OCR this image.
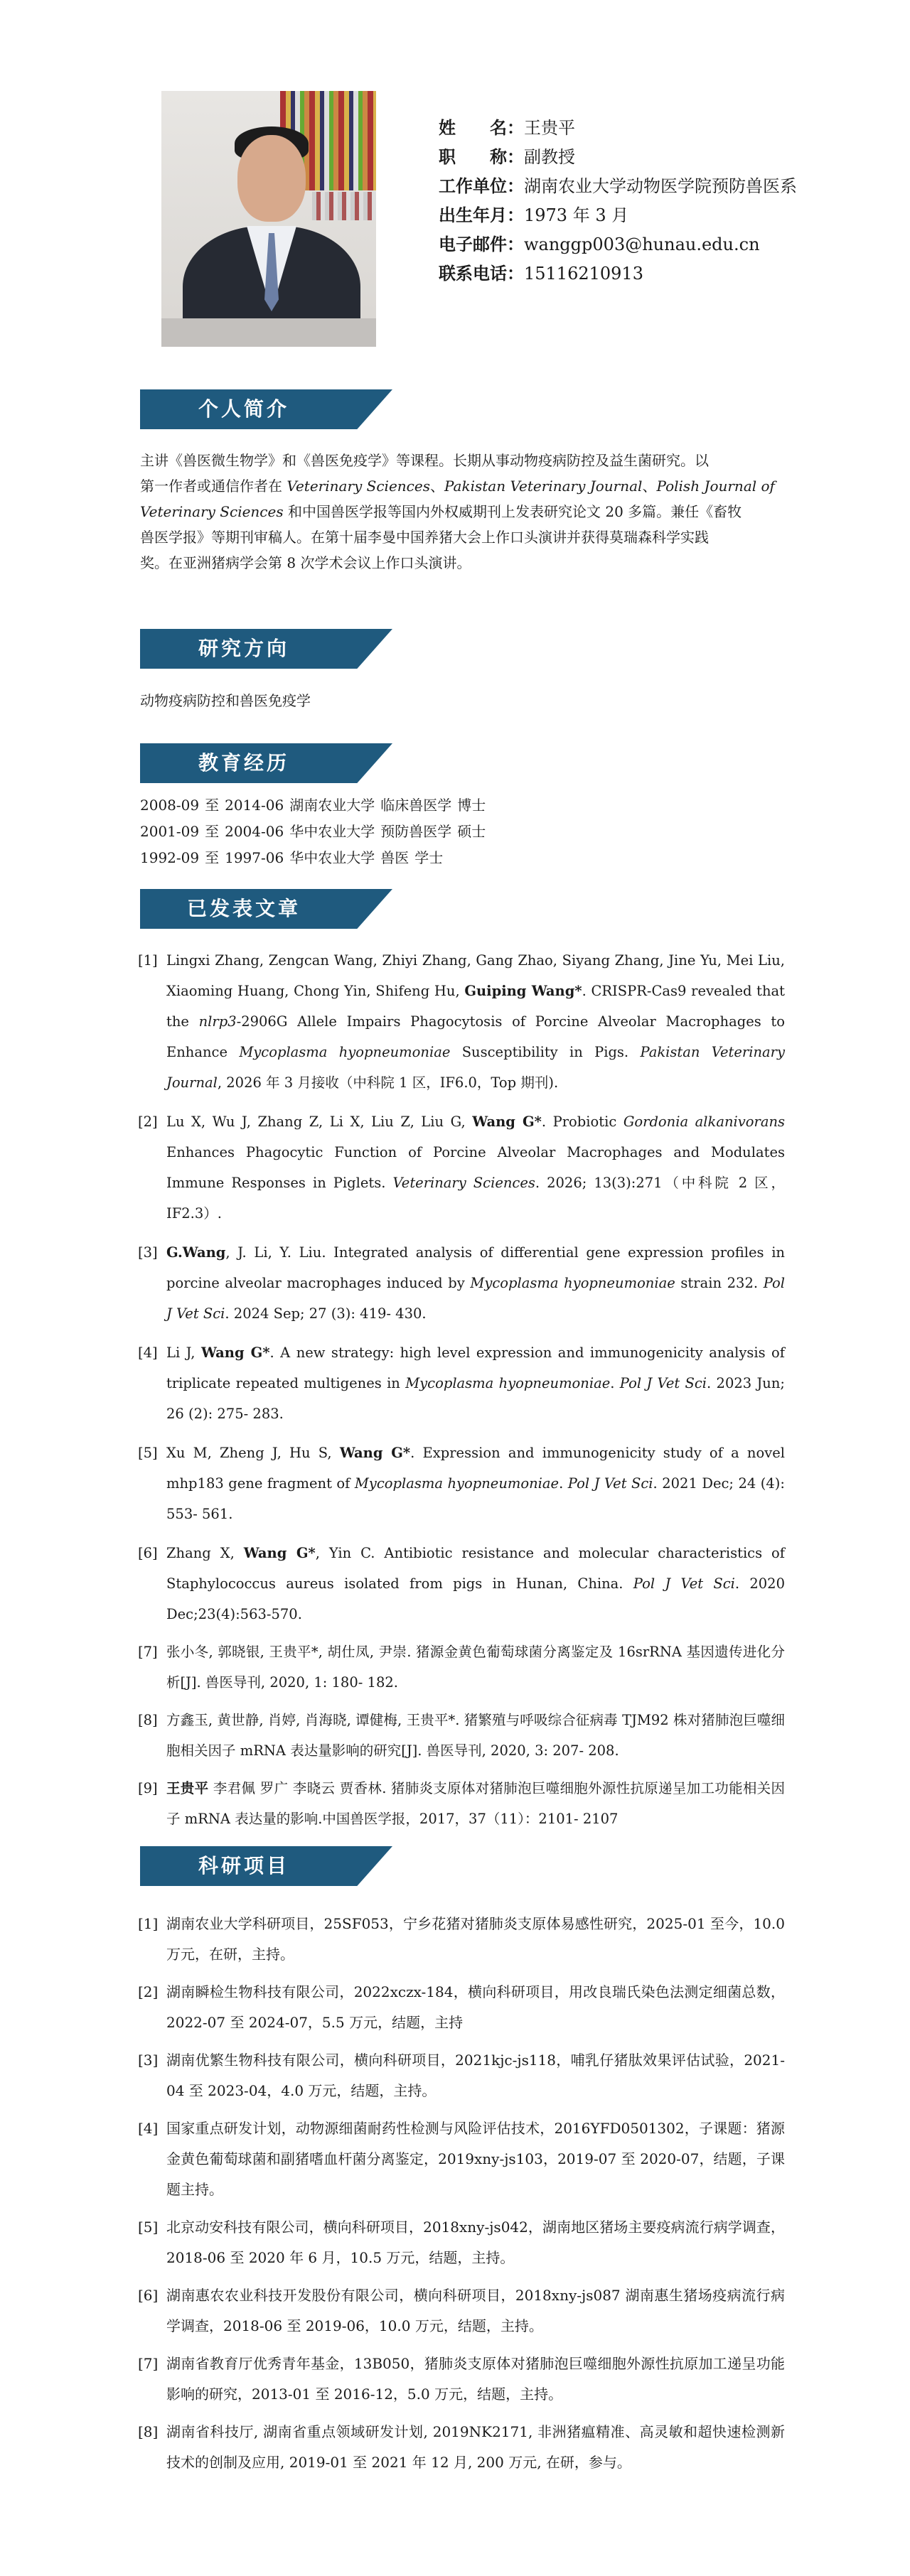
姓　　名：王贵平
职　　称：副教授
工作单位：湖南农业大学动物医学院预防兽医系
出生年月：1973 年 3 月
电子邮件：wanggp003@hunau.edu.cn
联系电话：15116210913
个人简介
主讲《兽医微生物学》和《兽医免疫学》等课程。长期从事动物疫病防控及益生菌研究。以
第一作者或通信作者在 Veterinary Sciences、Pakistan Veterinary Journal、Polish Journal of
Veterinary Sciences 和中国兽医学报等国内外权威期刊上发表研究论文 20 多篇。兼任《畜牧
兽医学报》等期刊审稿人。在第十届李曼中国养猪大会上作口头演讲并获得莫瑞森科学实践
奖。在亚洲猪病学会第 8 次学术会议上作口头演讲。
研究方向
动物疫病防控和兽医免疫学
教育经历
2008-09 至 2014-06 湖南农业大学 临床兽医学 博士
2001-09 至 2004-06 华中农业大学 预防兽医学 硕士
1992-09 至 1997-06 华中农业大学 兽医 学士
已发表文章
[1] Lingxi Zhang, Zengcan Wang, Zhiyi Zhang, Gang Zhao, Siyang Zhang, Jine Yu, Mei Liu, Xiaoming Huang, Chong Yin, Shifeng Hu, Guiping Wang*. CRISPR-Cas9 revealed that the nlrp3-2906G Allele Impairs Phagocytosis of Porcine Alveolar Macrophages to Enhance Mycoplasma hyopneumoniae Susceptibility in Pigs. Pakistan Veterinary Journal, 2026 年 3 月接收（中科院 1 区，IF6.0，Top 期刊).
[2] Lu X, Wu J, Zhang Z, Li X, Liu Z, Liu G, Wang G*. Probiotic Gordonia alkanivorans Enhances Phagocytic Function of Porcine Alveolar Macrophages and Modulates Immune Responses in Piglets. Veterinary Sciences. 2026; 13(3):271（中科院 2 区，IF2.3）.
[3] G.Wang, J. Li, Y. Liu. Integrated analysis of differential gene expression profiles in porcine alveolar macrophages induced by Mycoplasma hyopneumoniae strain 232. Pol J Vet Sci. 2024 Sep; 27 (3): 419- 430.
[4] Li J, Wang G*. A new strategy: high level expression and immunogenicity analysis of triplicate repeated multigenes in Mycoplasma hyopneumoniae. Pol J Vet Sci. 2023 Jun; 26 (2): 275- 283.
[5] Xu M, Zheng J, Hu S, Wang G*. Expression and immunogenicity study of a novel mhp183 gene fragment of Mycoplasma hyopneumoniae. Pol J Vet Sci. 2021 Dec; 24 (4): 553- 561.
[6] Zhang X, Wang G*, Yin C. Antibiotic resistance and molecular characteristics of Staphylococcus aureus isolated from pigs in Hunan, China. Pol J Vet Sci. 2020 Dec;23(4):563-570.
[7] 张小冬, 郭晓银, 王贵平*, 胡仕凤, 尹崇. 猪源金黄色葡萄球菌分离鉴定及 16srRNA 基因遗传进化分析[J]. 兽医导刊, 2020, 1: 180- 182.
[8] 方鑫玉, 黄世静, 肖婷, 肖海晓, 谭健梅, 王贵平*. 猪繁殖与呼吸综合征病毒 TJM92 株对猪肺泡巨噬细胞相关因子 mRNA 表达量影响的研究[J]. 兽医导刊, 2020, 3: 207- 208.
[9] 王贵平 李君佩 罗广 李晓云 贾香林. 猪肺炎支原体对猪肺泡巨噬细胞外源性抗原递呈加工功能相关因子 mRNA 表达量的影响.中国兽医学报，2017，37（11）：2101- 2107
科研项目
[1] 湖南农业大学科研项目，25SF053，宁乡花猪对猪肺炎支原体易感性研究，2025-01 至今，10.0 万元，在研，主持。
[2] 湖南瞬检生物科技有限公司，2022xczx-184，横向科研项目，用改良瑞氏染色法测定细菌总数，2022-07 至 2024-07，5.5 万元，结题，主持
[3] 湖南优繁生物科技有限公司，横向科研项目，2021kjc-js118，哺乳仔猪肽效果评估试验，2021-04 至 2023-04，4.0 万元，结题，主持。
[4] 国家重点研发计划，动物源细菌耐药性检测与风险评估技术，2016YFD0501302，子课题：猪源金黄色葡萄球菌和副猪嗜血杆菌分离鉴定，2019xny-js103，2019-07 至 2020-07，结题，子课题主持。
[5] 北京动安科技有限公司，横向科研项目，2018xny-js042，湖南地区猪场主要疫病流行病学调查，2018-06 至 2020 年 6 月，10.5 万元，结题，主持。
[6] 湖南惠农农业科技开发股份有限公司，横向科研项目，2018xny-js087 湖南惠生猪场疫病流行病学调查，2018-06 至 2019-06，10.0 万元，结题，主持。
[7] 湖南省教育厅优秀青年基金，13B050，猪肺炎支原体对猪肺泡巨噬细胞外源性抗原加工递呈功能影响的研究，2013-01 至 2016-12，5.0 万元，结题，主持。
[8] 湖南省科技厅, 湖南省重点领域研发计划, 2019NK2171, 非洲猪瘟精准、高灵敏和超快速检测新技术的创制及应用, 2019-01 至 2021 年 12 月, 200 万元, 在研，参与。
